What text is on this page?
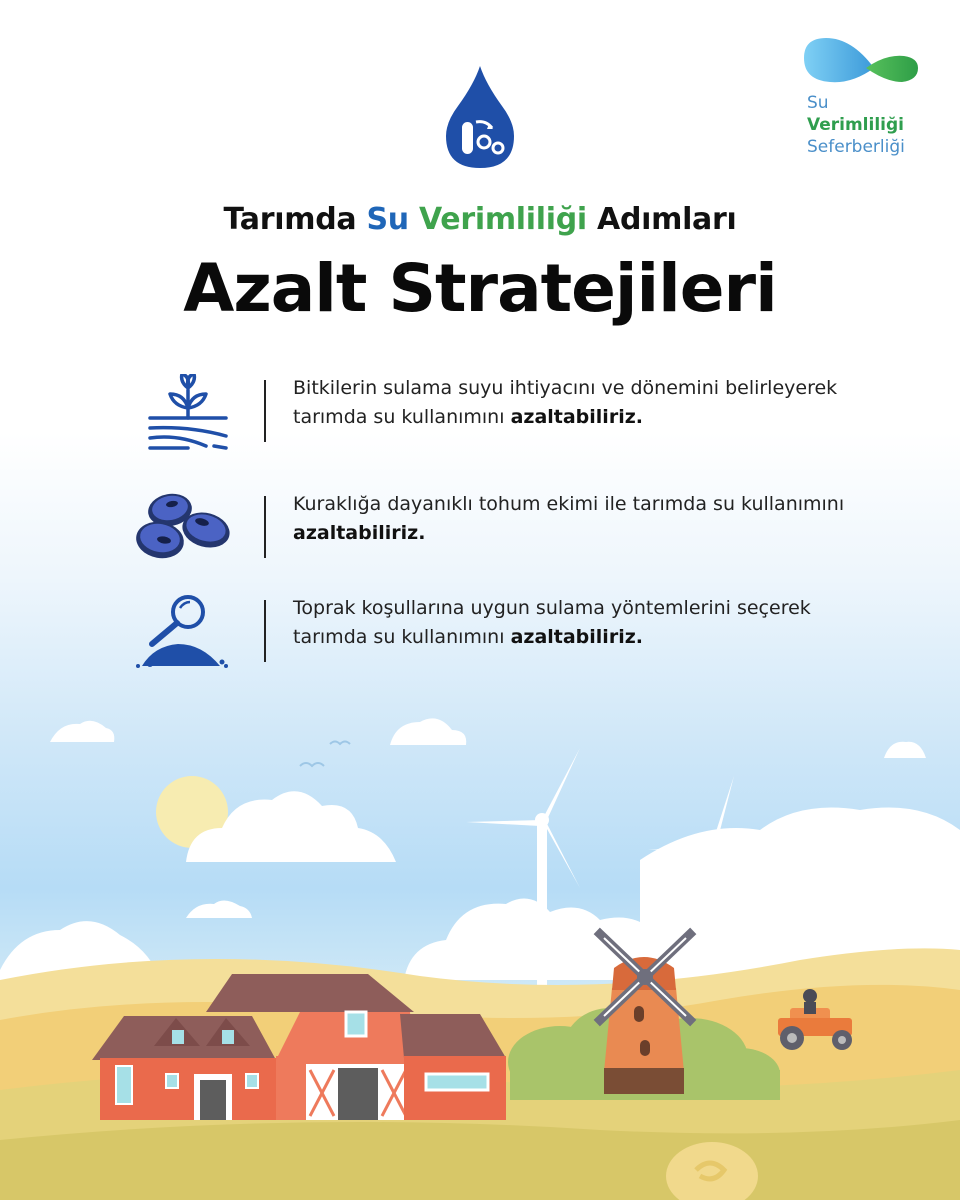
Su Verimliliği
Seferberliği
Tarımda Su Verimliliği Adımları
Azalt Stratejileri
Bitkilerin sulama suyu ihtiyacını ve dönemini belirleyerek tarımda su kullanımını azaltabiliriz.
Kuraklığa dayanıklı tohum ekimi ile tarımda su kullanımını azaltabiliriz.
Toprak koşullarına uygun sulama yöntemlerini seçerek tarımda su kullanımını azaltabiliriz.
